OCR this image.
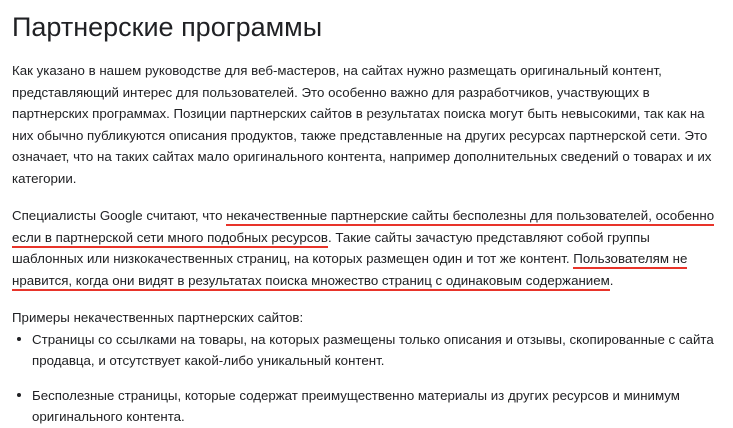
Партнерские программы

Как указано в нашем руководстве для веб-мастеров, на сайтах нужно размещать оригинальный контент, представляющий интерес для пользователей. Это особенно важно для разработчиков, участвующих в партнерских программах. Позиции партнерских сайтов в результатах поиска могут быть невысокими, так как на них обычно публикуются описания продуктов, также представленные на других ресурсах партнерской сети. Это означает, что на таких сайтах мало оригинального контента, например дополнительных сведений о товарах и их категории.

Специалисты Google считают, что некачественные партнерские сайты бесполезны для пользователей, особенно если в партнерской сети много подобных ресурсов. Такие сайты зачастую представляют собой группы шаблонных или низкокачественных страниц, на которых размещен один и тот же контент. Пользователям не нравится, когда они видят в результатах поиска множество страниц с одинаковым содержанием.

Примеры некачественных партнерских сайтов:

Страницы со ссылками на товары, на которых размещены только описания и отзывы, скопированные с сайта продавца, и отсутствует какой-либо уникальный контент.
Бесполезные страницы, которые содержат преимущественно материалы из других ресурсов и минимум оригинального контента.
